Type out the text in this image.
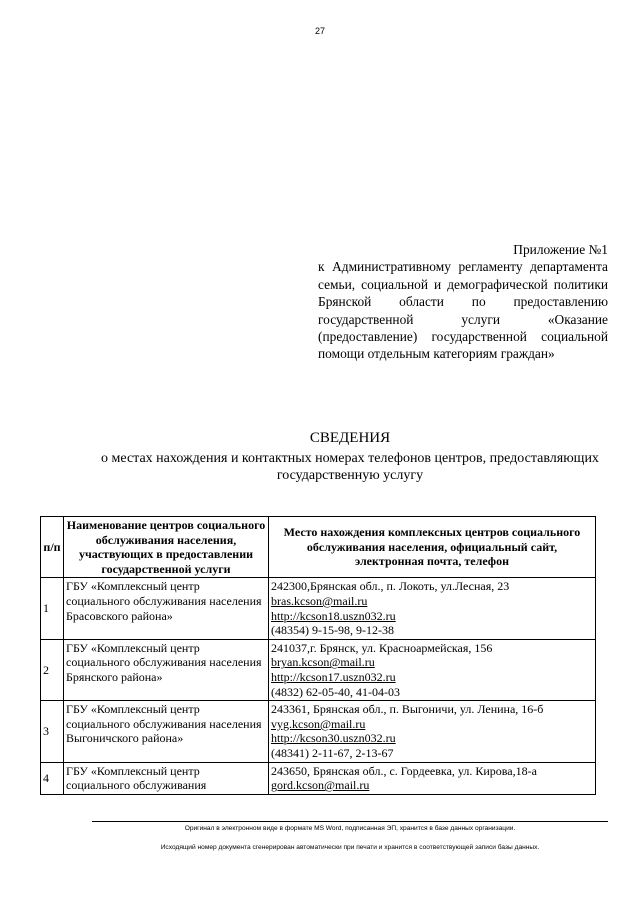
27
Приложение №1
к Административному регламенту департамента семьи, социальной и демографической политики Брянской области по предоставлению государственной услуги «Оказание (предоставление) государственной социальной помощи отдельным категориям граждан»
СВЕДЕНИЯ
о местах нахождения и контактных номерах телефонов центров, предоставляющих государственную услугу
п/п	Наименование центров социального обслуживания населения, участвующих в предоставлении государственной услуги	Место нахождения комплексных центров социального обслуживания населения, официальный сайт, электронная почта, телефон
1	ГБУ «Комплексный центр социального обслуживания населения Брасовского района»	242300,Брянская обл., п. Локоть, ул.Лесная, 23
bras.kcson@mail.ru
http://kcson18.uszn032.ru
(48354) 9-15-98, 9-12-38

2	ГБУ «Комплексный центр социального обслуживания населения Брянского района»	241037,г. Брянск, ул. Красноармейская, 156
bryan.kcson@mail.ru
http://kcson17.uszn032.ru
(4832) 62-05-40, 41-04-03

3	ГБУ «Комплексный центр социального обслуживания населения Выгоничского района»	243361, Брянская обл., п. Выгоничи, ул. Ленина, 16-б
vyg.kcson@mail.ru
http://kcson30.uszn032.ru
(48341) 2-11-67, 2-13-67

4	ГБУ «Комплексный центр социального обслуживания	243650, Брянская обл., с. Гордеевка, ул. Кирова,18-а
gord.kcson@mail.ru
Оригинал в электронном виде в формате MS Word, подписанная ЭП, хранится в базе данных организации.
Исходящий номер документа сгенерирован автоматически при печати и хранится в соответствующей записи базы данных.
